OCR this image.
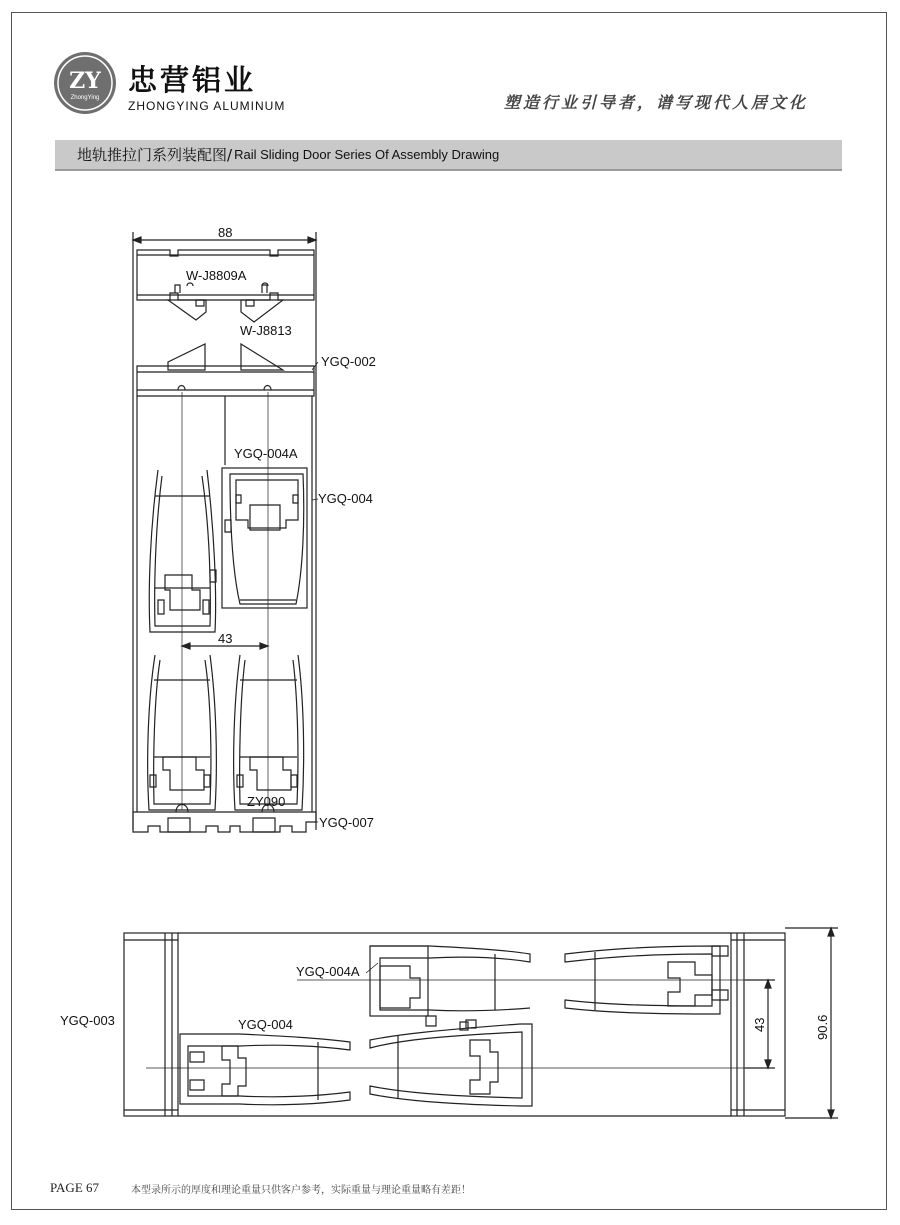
ZY
ZhongYing
忠营铝业
ZHONGYING ALUMINUM	塑造行业引导者，谱写现代人居文化
地轨推拉门系列装配图 / Rail Sliding Door Series Of Assembly Drawing
88
W-J8809A
W-J8813
YGQ-002
YGQ-004A
YGQ-004
43
ZY090
YGQ-007
YGQ-004A
YGQ-003	YGQ-004	43	90.6
PAGE 67	本型录所示的厚度和理论重量只供客户参考，实际重量与理论重量略有差距！
